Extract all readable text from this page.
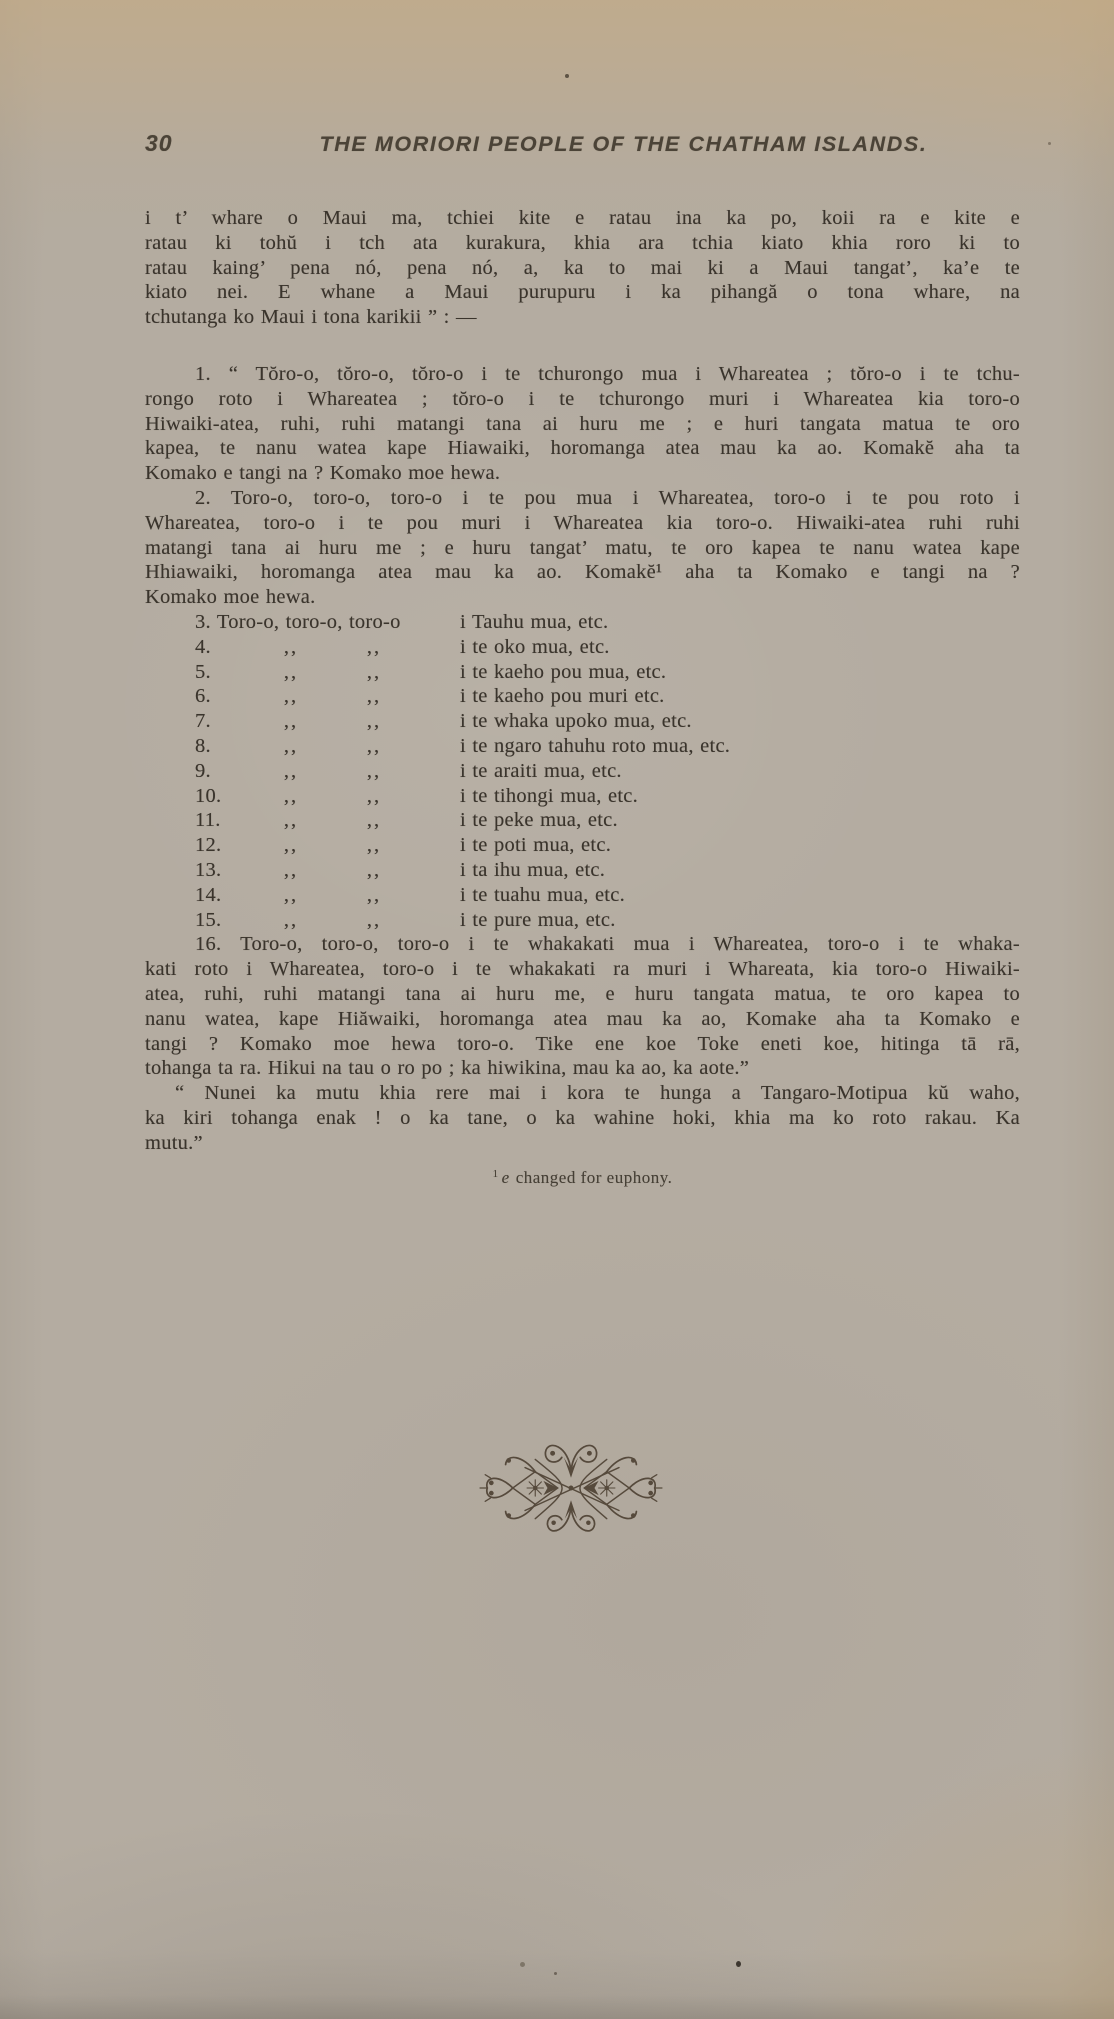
30	THE MORIORI PEOPLE OF THE CHATHAM ISLANDS.
i t’ whare o Maui ma, tchiei kite e ratau ina ka po, koii ra e kite e
ratau ki tohŭ i tch ata kurakura, khia ara tchia kiato khia roro ki to
ratau kaing’ pena nó, pena nó, a, ka to mai ki a Maui tangat’, ka’e te
kiato nei. E whane a Maui purupuru i ka pihangă o tona whare, na
tchutanga ko Maui i tona karikii ” : —
1. “ Tŏro-o, tŏro-o, tŏro-o i te tchurongo mua i Whareatea ; tŏro-o i te tchu-
rongo roto i Whareatea ; tŏro-o i te tchurongo muri i Whareatea kia toro-o
Hiwaiki-atea, ruhi, ruhi matangi tana ai huru me ; e huri tangata matua te oro
kapea, te nanu watea kape Hiawaiki, horomanga atea mau ka ao. Komakĕ aha ta
Komako e tangi na ? Komako moe hewa.
2. Toro-o, toro-o, toro-o i te pou mua i Whareatea, toro-o i te pou roto i
Whareatea, toro-o i te pou muri i Whareatea kia toro-o. Hiwaiki-atea ruhi ruhi
matangi tana ai huru me ; e huru tangat’ matu, te oro kapea te nanu watea kape
Hhiawaiki, horomanga atea mau ka ao. Komakĕ¹ aha ta Komako e tangi na ?
Komako moe hewa.
3. Toro-o, toro-o, toro-o	i Tauhu mua, etc.
4.	,,	,,	i te oko mua, etc.
5.	,,	,,	i te kaeho pou mua, etc.
6.	,,	,,	i te kaeho pou muri etc.
7.	,,	,,	i te whaka upoko mua, etc.
8.	,,	,,	i te ngaro tahuhu roto mua, etc.
9.	,,	,,	i te araiti mua, etc.
10.	,,	,,	i te tihongi mua, etc.
11.	,,	,,	i te peke mua, etc.
12.	,,	,,	i te poti mua, etc.
13.	,,	,,	i ta ihu mua, etc.
14.	,,	,,	i te tuahu mua, etc.
15.	,,	,,	i te pure mua, etc.
16. Toro-o, toro-o, toro-o i te whakakati mua i Whareatea, toro-o i te whaka-
kati roto i Whareatea, toro-o i te whakakati ra muri i Whareata, kia toro-o Hiwaiki-
atea, ruhi, ruhi matangi tana ai huru me, e huru tangata matua, te oro kapea to
nanu watea, kape Hiăwaiki, horomanga atea mau ka ao, Komake aha ta Komako e
tangi ? Komako moe hewa toro-o. Tike ene koe Toke eneti koe, hitinga tā rā,
tohanga ta ra. Hikui na tau o ro po ; ka hiwikina, mau ka ao, ka aote.”
“ Nunei ka mutu khia rere mai i kora te hunga a Tangaro-Motipua kŭ waho,
ka kiri tohanga enak ! o ka tane, o ka wahine hoki, khia ma ko roto rakau. Ka
mutu.”
$^1$ e changed for euphony.
